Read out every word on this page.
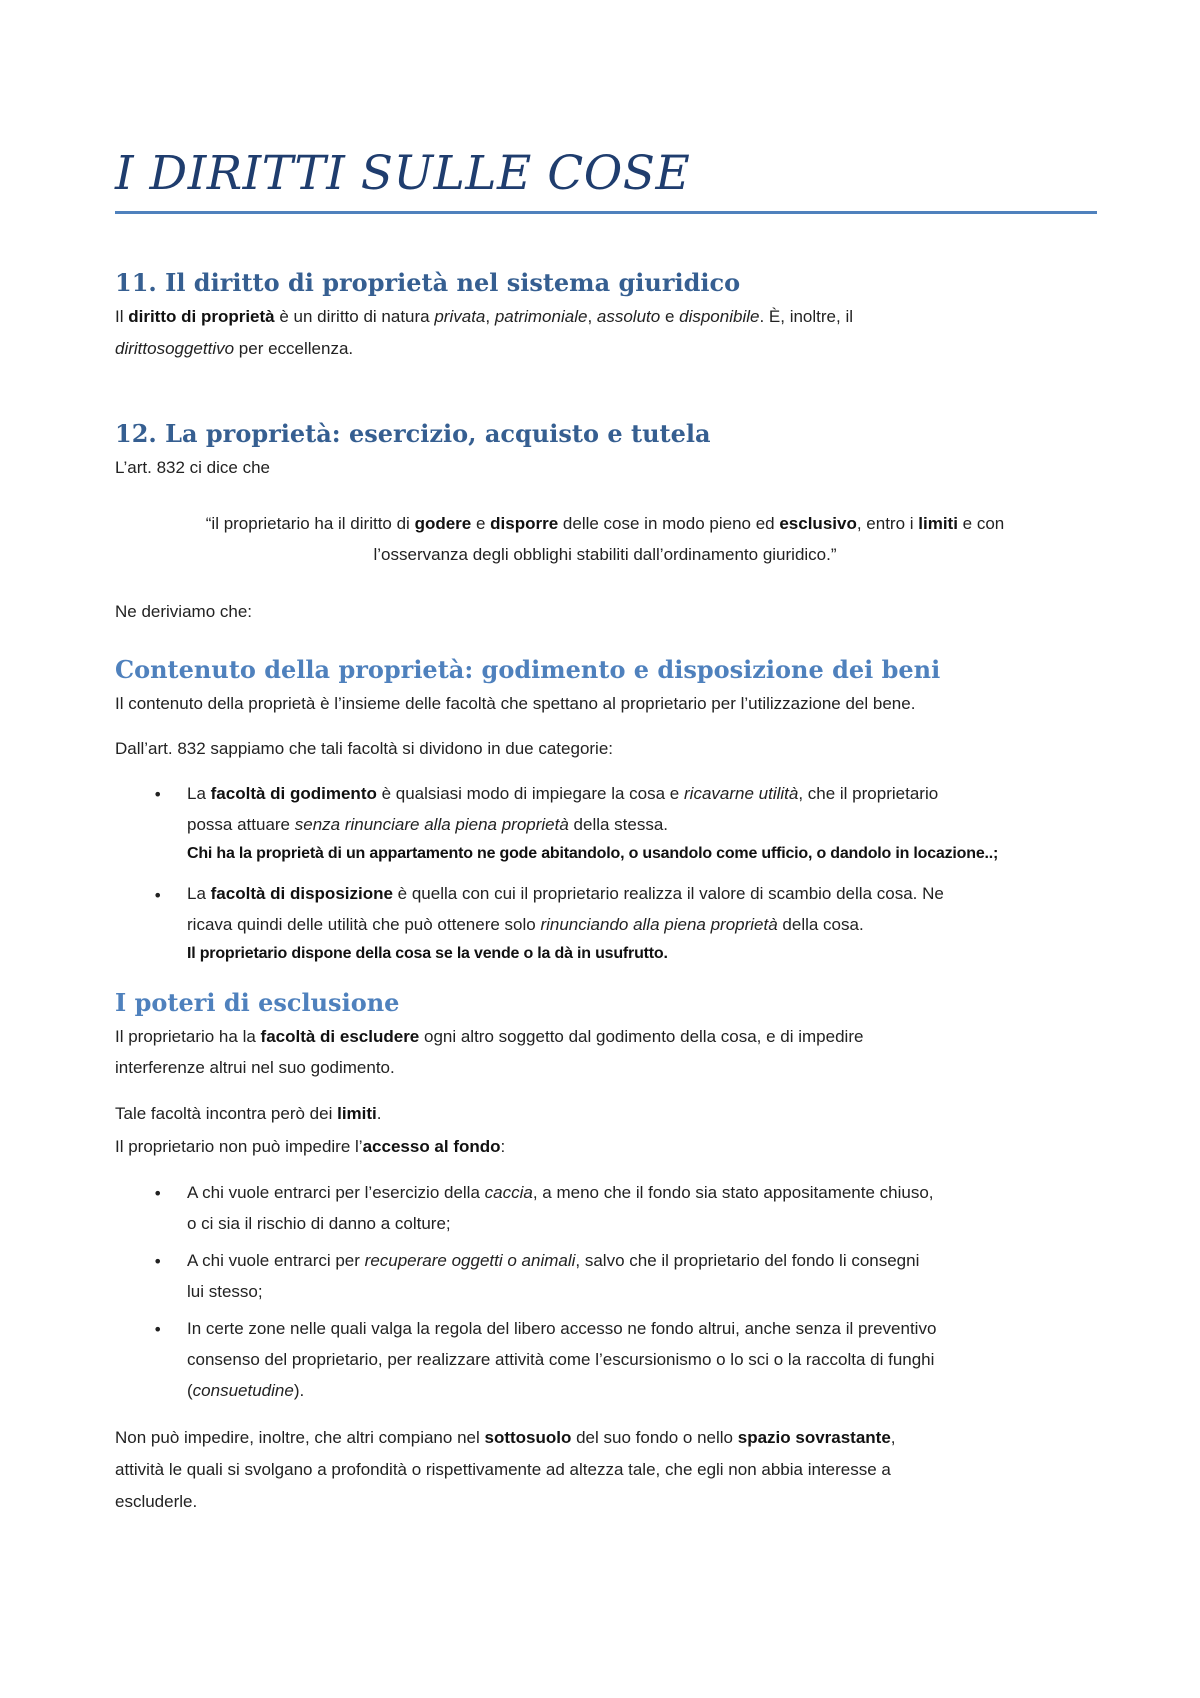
I DIRITTI SULLE COSE
11. Il diritto di proprietà nel sistema giuridico
Il diritto di proprietà è un diritto di natura privata, patrimoniale, assoluto e disponibile. È, inoltre, il
dirittosoggettivo per eccellenza.
12. La proprietà: esercizio, acquisto e tutela
L’art. 832 ci dice che
“il proprietario ha il diritto di godere e disporre delle cose in modo pieno ed esclusivo, entro i limiti e con
l’osservanza degli obblighi stabiliti dall’ordinamento giuridico.”
Ne deriviamo che:
Contenuto della proprietà: godimento e disposizione dei beni
Il contenuto della proprietà è l’insieme delle facoltà che spettano al proprietario per l’utilizzazione del bene.
Dall’art. 832 sappiamo che tali facoltà si dividono in due categorie:
• La facoltà di godimento è qualsiasi modo di impiegare la cosa e ricavarne utilità, che il proprietario
possa attuare senza rinunciare alla piena proprietà della stessa.
Chi ha la proprietà di un appartamento ne gode abitandolo, o usandolo come ufficio, o dandolo in locazione..;
• La facoltà di disposizione è quella con cui il proprietario realizza il valore di scambio della cosa. Ne
ricava quindi delle utilità che può ottenere solo rinunciando alla piena proprietà della cosa.
Il proprietario dispone della cosa se la vende o la dà in usufrutto.
I poteri di esclusione
Il proprietario ha la facoltà di escludere ogni altro soggetto dal godimento della cosa, e di impedire
interferenze altrui nel suo godimento.
Tale facoltà incontra però dei limiti.
Il proprietario non può impedire l’accesso al fondo:
• A chi vuole entrarci per l’esercizio della caccia, a meno che il fondo sia stato appositamente chiuso,
o ci sia il rischio di danno a colture;
• A chi vuole entrarci per recuperare oggetti o animali, salvo che il proprietario del fondo li consegni
lui stesso;
• In certe zone nelle quali valga la regola del libero accesso ne fondo altrui, anche senza il preventivo
consenso del proprietario, per realizzare attività come l’escursionismo o lo sci o la raccolta di funghi
(consuetudine).
Non può impedire, inoltre, che altri compiano nel sottosuolo del suo fondo o nello spazio sovrastante,
attività le quali si svolgano a profondità o rispettivamente ad altezza tale, che egli non abbia interesse a
escluderle.
